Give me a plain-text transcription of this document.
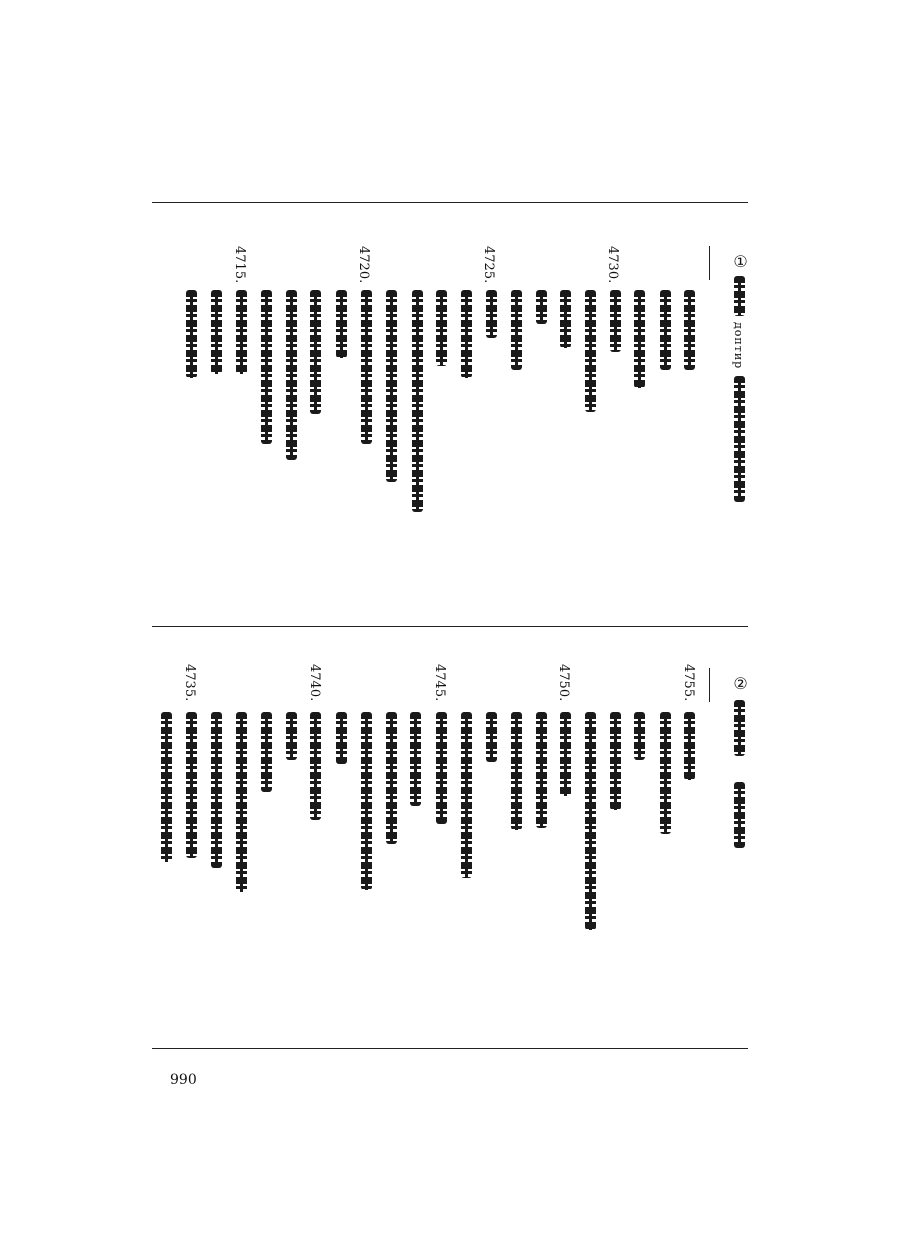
①
доптир
4715.	4720.	4725.	4730.
②
4735.	4740.	4745.	4750.	4755.
990
